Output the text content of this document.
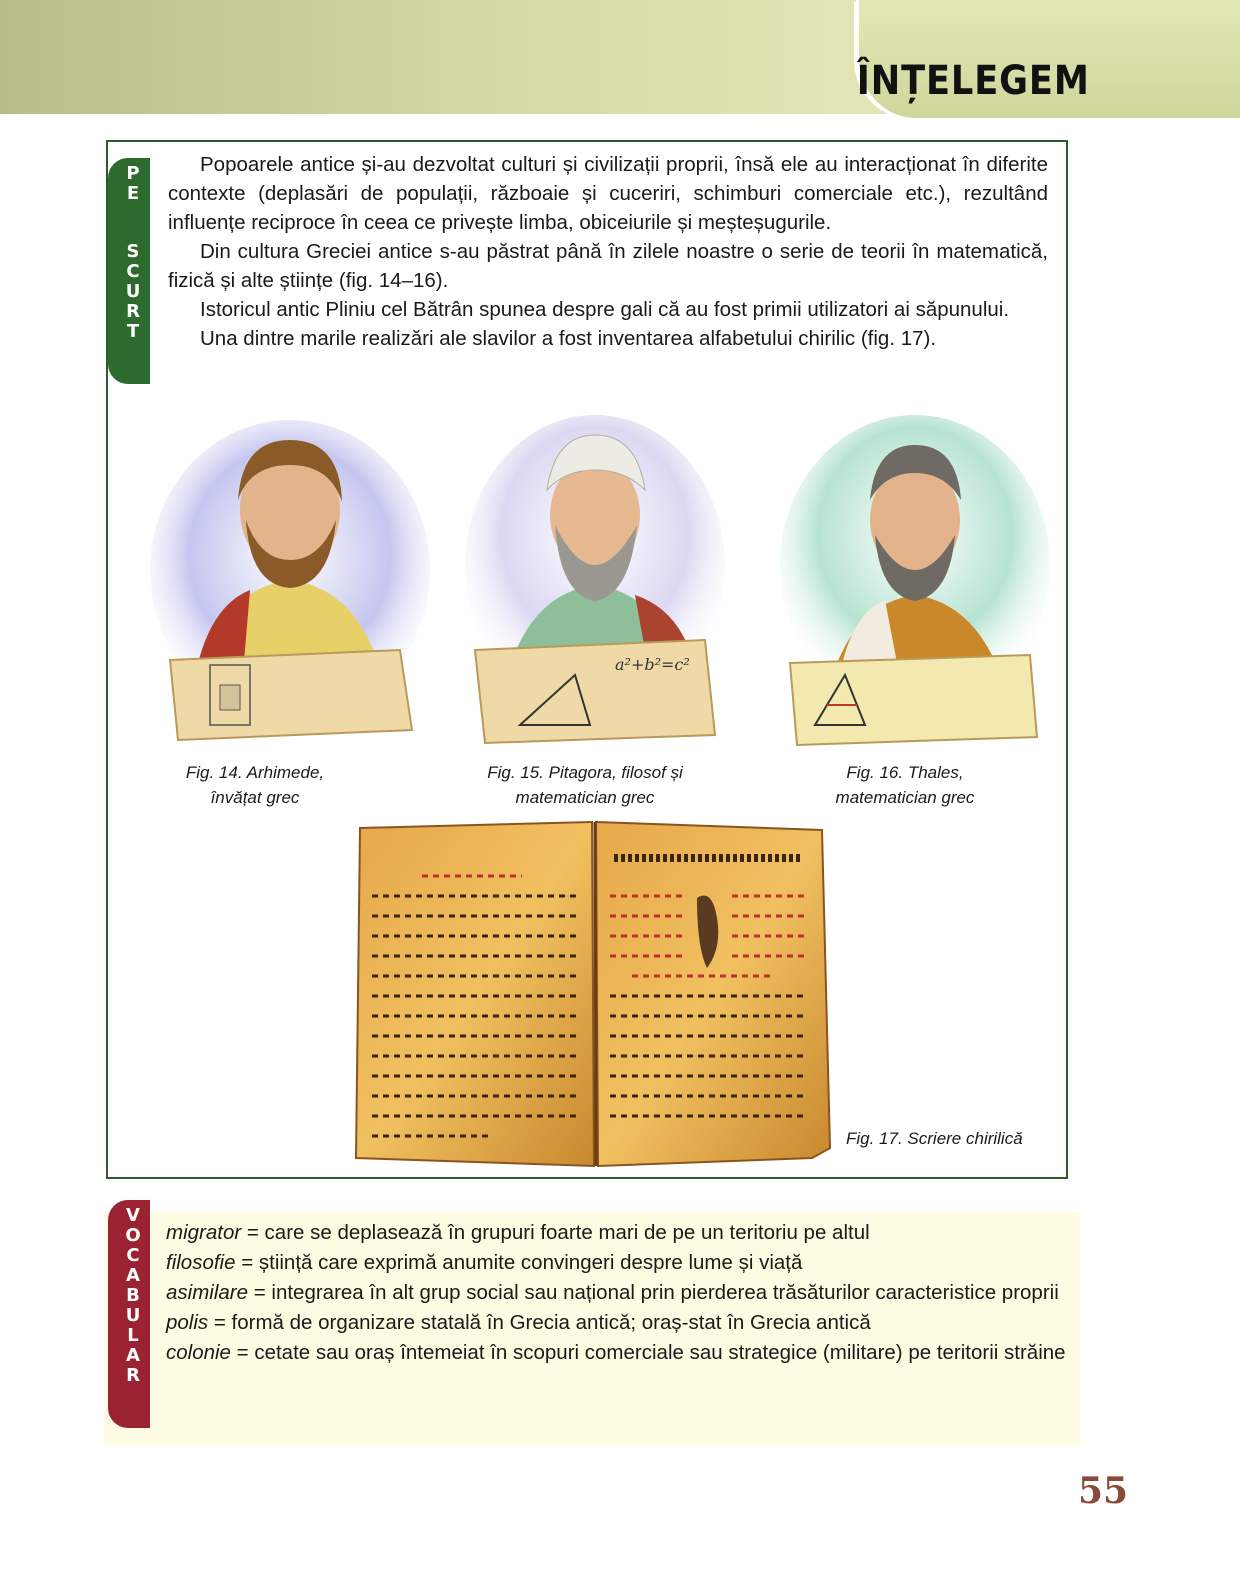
ÎNȚELEGEM
P
E
S
C
U
R
T

Popoarele antice și-au dezvoltat culturi și civilizații proprii, însă ele au interacționat în diferite contexte (deplasări de populații, războaie și cuceriri, schimburi comerciale etc.), rezultând influențe reciproce în ceea ce privește limba, obiceiurile și meșteșugurile.

Din cultura Greciei antice s-au păstrat până în zilele noastre o serie de teorii în matematică, fizică și alte științe (fig. 14–16).

Istoricul antic Pliniu cel Bătrân spunea despre gali că au fost primii utilizatori ai săpunului.

Una dintre marile realizări ale slavilor a fost inventarea alfabetului chirilic (fig. 17).

Fig. 14. Arhimede,
învățat grec
a²+b²=c²
Fig. 15. Pitagora, filosof și
matematician grec
Fig. 16. Thales,
matematician grec
Fig. 17. Scriere chirilică
V
O
C
A
B
U
L
A
R

migrator = care se deplasează în grupuri foarte mari de pe un teritoriu pe altul

filosofie = știință care exprimă anumite convingeri despre lume și viață

asimilare = integrarea în alt grup social sau național prin pierderea trăsăturilor caracteristice proprii

polis = formă de organizare statală în Grecia antică; oraș-stat în Grecia antică

colonie = cetate sau oraș întemeiat în scopuri comerciale sau strategice (militare) pe teritorii străine

55
